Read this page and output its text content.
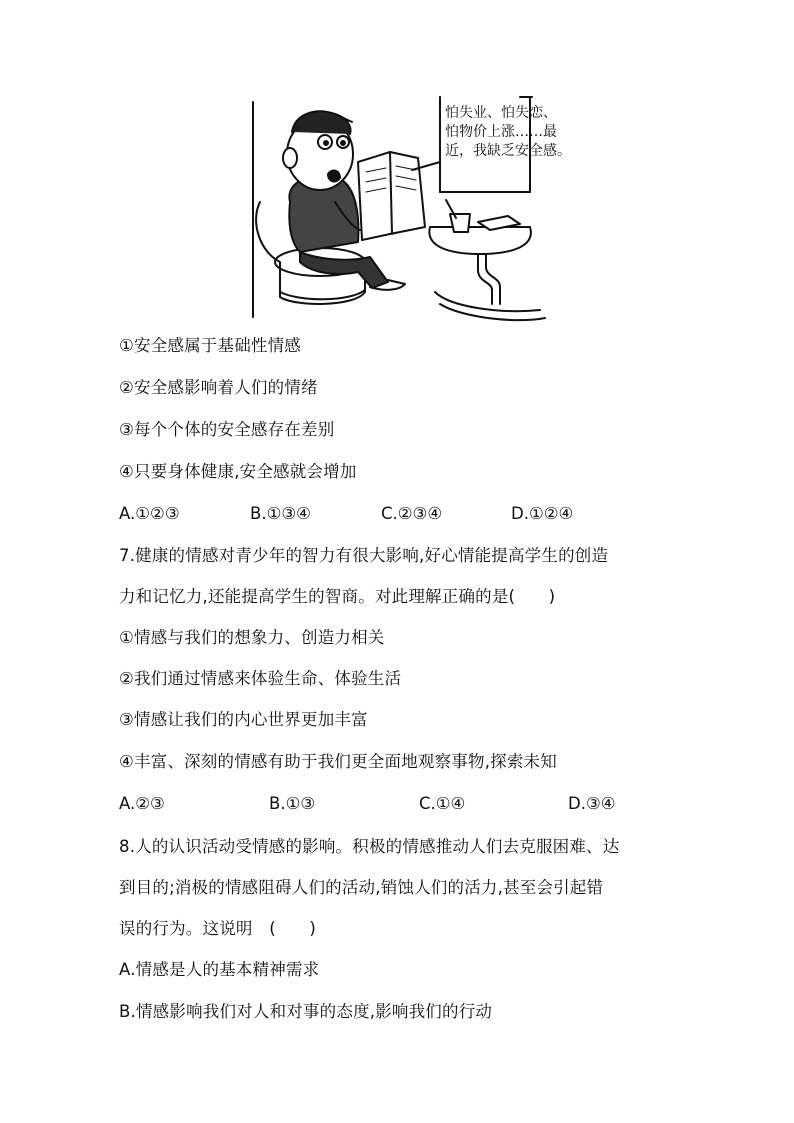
怕失业、怕失恋、
怕物价上涨……最
近，我缺乏安全感。
①安全感属于基础性情感
②安全感影响着人们的情绪
③每个个体的安全感存在差别
④只要身体健康,安全感就会增加
A.①②③	B.①③④	C.②③④	D.①②④
7.健康的情感对青少年的智力有很大影响,好心情能提高学生的创造
力和记忆力,还能提高学生的智商。对此理解正确的是(　　)
①情感与我们的想象力、创造力相关
②我们通过情感来体验生命、体验生活
③情感让我们的内心世界更加丰富
④丰富、深刻的情感有助于我们更全面地观察事物,探索未知
A.②③	B.①③	C.①④	D.③④
8.人的认识活动受情感的影响。积极的情感推动人们去克服困难、达
到目的;消极的情感阻碍人们的活动,销蚀人们的活力,甚至会引起错
误的行为。这说明　(　　)
A.情感是人的基本精神需求
B.情感影响我们对人和对事的态度,影响我们的行动
